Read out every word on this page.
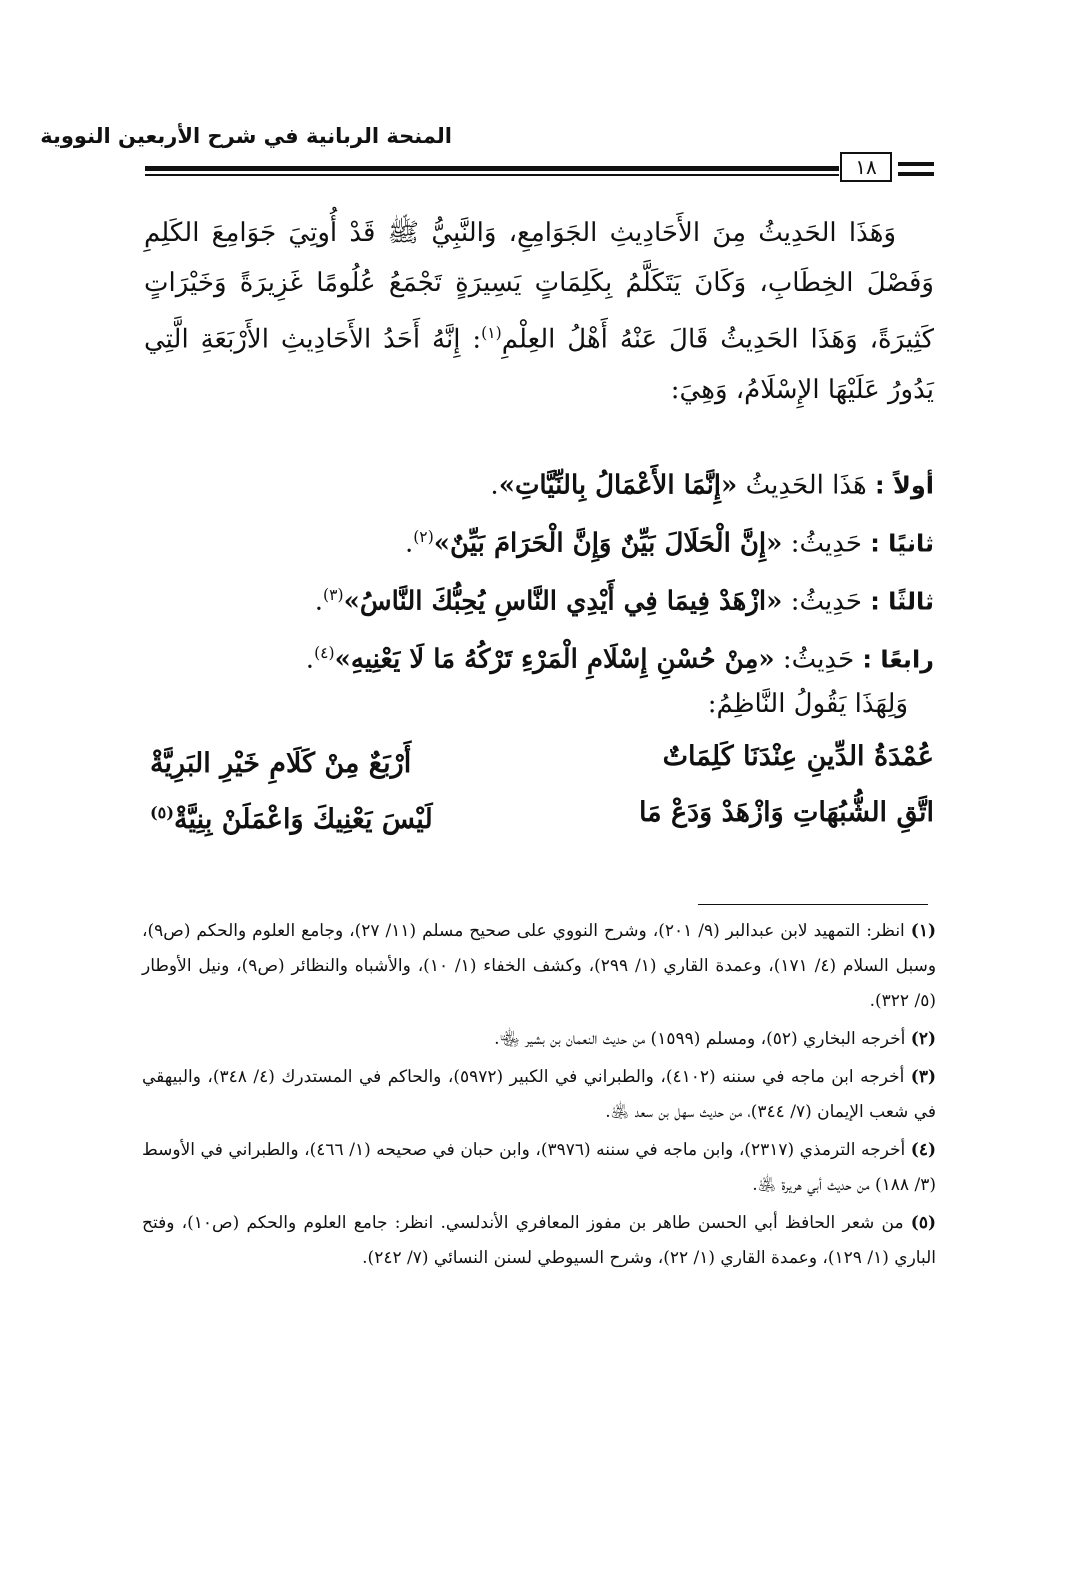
المنحة الربانية في شرح الأربعين النووية
١٨

وَهَذَا الحَدِيثُ مِنَ الأَحَادِيثِ الجَوَامِعِ، وَالنَّبِيُّ ﷺ قَدْ أُوتِيَ جَوَامِعَ الكَلِمِ وَفَصْلَ الخِطَابِ، وَكَانَ يَتَكَلَّمُ بِكَلِمَاتٍ يَسِيرَةٍ تَجْمَعُ عُلُومًا غَزِيرَةً وَخَيْرَاتٍ كَثِيرَةً، وَهَذَا الحَدِيثُ قَالَ عَنْهُ أَهْلُ العِلْمِ$^{(١)}$: إِنَّهُ أَحَدُ الأَحَادِيثِ الأَرْبَعَةِ الَّتِي يَدُورُ عَلَيْهَا الإِسْلَامُ، وَهِيَ:

أولاً : هَذَا الحَدِيثُ «إِنَّمَا الأَعْمَالُ بِالنِّيَّاتِ».
ثانيًا : حَدِيثُ: «إِنَّ الْحَلَالَ بَيِّنٌ وَإِنَّ الْحَرَامَ بَيِّنٌ»$^{(٢)}$.
ثالثًا : حَدِيثُ: «ازْهَدْ فِيمَا فِي أَيْدِي النَّاسِ يُحِبُّكَ النَّاسُ»$^{(٣)}$.
رابعًا : حَدِيثُ: «مِنْ حُسْنِ إِسْلَامِ الْمَرْءِ تَرْكُهُ مَا لَا يَعْنِيهِ»$^{(٤)}$.
وَلِهَذَا يَقُولُ النَّاظِمُ:
عُمْدَةُ الدِّينِ عِنْدَنَا كَلِمَاتٌ
أَرْبَعٌ مِنْ كَلَامِ خَيْرِ البَرِيَّةْ
اتَّقِ الشُّبُهَاتِ وَازْهَدْ وَدَعْ مَا
لَيْسَ يَعْنِيكَ وَاعْمَلَنْ بِنِيَّةْ$^{(٥)}$

(١) انظر: التمهيد لابن عبدالبر (٩/ ٢٠١)، وشرح النووي على صحيح مسلم (١١/ ٢٧)، وجامع العلوم والحكم (ص٩)، وسبل السلام (٤/ ١٧١)، وعمدة القاري (١/ ٢٩٩)، وكشف الخفاء (١/ ١٠)، والأشباه والنظائر (ص٩)، ونيل الأوطار (٥/ ٣٢٢).

(٢) أخرجه البخاري (٥٢)، ومسلم (١٥٩٩) من حديث النعمان بن بشير ﵄.

(٣) أخرجه ابن ماجه في سننه (٤١٠٢)، والطبراني في الكبير (٥٩٧٢)، والحاكم في المستدرك (٤/ ٣٤٨)، والبيهقي في شعب الإيمان (٧/ ٣٤٤)، من حديث سهل بن سعد ﵁.

(٤) أخرجه الترمذي (٢٣١٧)، وابن ماجه في سننه (٣٩٧٦)، وابن حبان في صحيحه (١/ ٤٦٦)، والطبراني في الأوسط (٣/ ١٨٨) من حديث أبي هريرة ﵁.

(٥) من شعر الحافظ أبي الحسن طاهر بن مفوز المعافري الأندلسي. انظر: جامع العلوم والحكم (ص١٠)، وفتح الباري (١/ ١٢٩)، وعمدة القاري (١/ ٢٢)، وشرح السيوطي لسنن النسائي (٧/ ٢٤٢).
